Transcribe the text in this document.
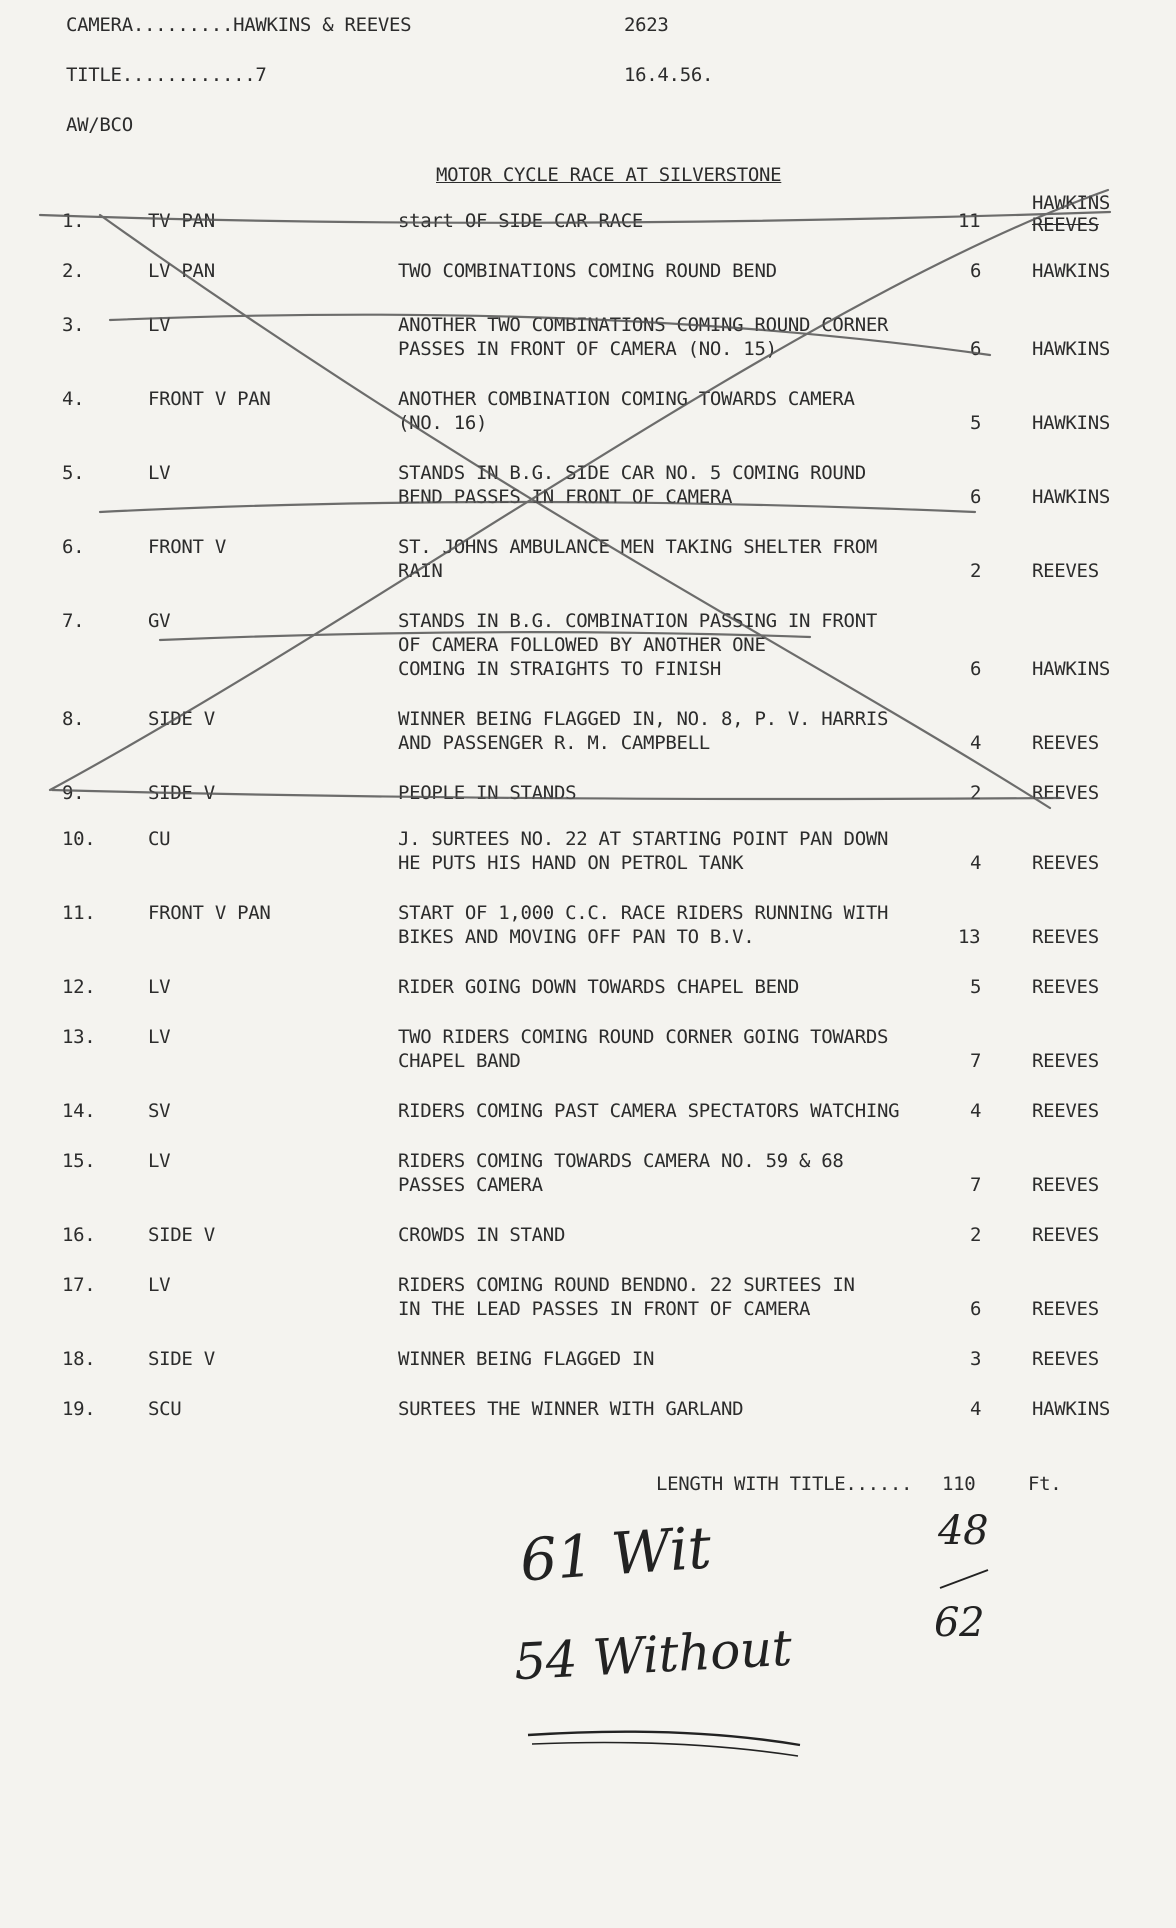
CAMERA.........HAWKINS & REEVES	2623
TITLE............7	16.4.56.
AW/BCO
MOTOR CYCLE RACE AT SILVERSTONE
1.	TV PAN	start OF SIDE CAR RACE	11
HAWKINS
REEVES
2.	LV PAN	TWO COMBINATIONS COMING ROUND BEND	6	HAWKINS
3.	LV	ANOTHER TWO COMBINATIONS COMING ROUND CORNER
PASSES IN FRONT OF CAMERA (NO. 15)	6	HAWKINS
4.	FRONT V PAN	ANOTHER COMBINATION COMING TOWARDS CAMERA
(NO. 16)	5	HAWKINS
5.	LV	STANDS IN B.G. SIDE CAR NO. 5 COMING ROUND
BEND PASSES IN FRONT OF CAMERA	6	HAWKINS
6.	FRONT V	ST. JOHNS AMBULANCE MEN TAKING SHELTER FROM
RAIN	2	REEVES
7.	GV	STANDS IN B.G. COMBINATION PASSING IN FRONT
OF CAMERA FOLLOWED BY ANOTHER ONE
COMING IN STRAIGHTS TO FINISH	6	HAWKINS
8.	SIDE V	WINNER BEING FLAGGED IN, NO. 8, P. V. HARRIS
AND PASSENGER R. M. CAMPBELL	4	REEVES
9.	SIDE V	PEOPLE IN STANDS	2	REEVES
10.	CU	J. SURTEES NO. 22 AT STARTING POINT PAN DOWN
HE PUTS HIS HAND ON PETROL TANK	4	REEVES
11.	FRONT V PAN	START OF 1,000 C.C. RACE RIDERS RUNNING WITH
BIKES AND MOVING OFF PAN TO B.V.	13	REEVES
12.	LV	RIDER GOING DOWN TOWARDS CHAPEL BEND	5	REEVES
13.	LV	TWO RIDERS COMING ROUND CORNER GOING TOWARDS
CHAPEL BAND	7	REEVES
14.	SV	RIDERS COMING PAST CAMERA SPECTATORS WATCHING	4	REEVES
15.	LV	RIDERS COMING TOWARDS CAMERA NO. 59 & 68
PASSES CAMERA	7	REEVES
16.	SIDE V	CROWDS IN STAND	2	REEVES
17.	LV	RIDERS COMING ROUND BENDNO. 22 SURTEES IN
IN THE LEAD PASSES IN FRONT OF CAMERA	6	REEVES
18.	SIDE V	WINNER BEING FLAGGED IN	3	REEVES
19.	SCU	SURTEES THE WINNER WITH GARLAND	4	HAWKINS
LENGTH WITH TITLE...... 110	Ft.
61 Wit
54 Without
48
62
